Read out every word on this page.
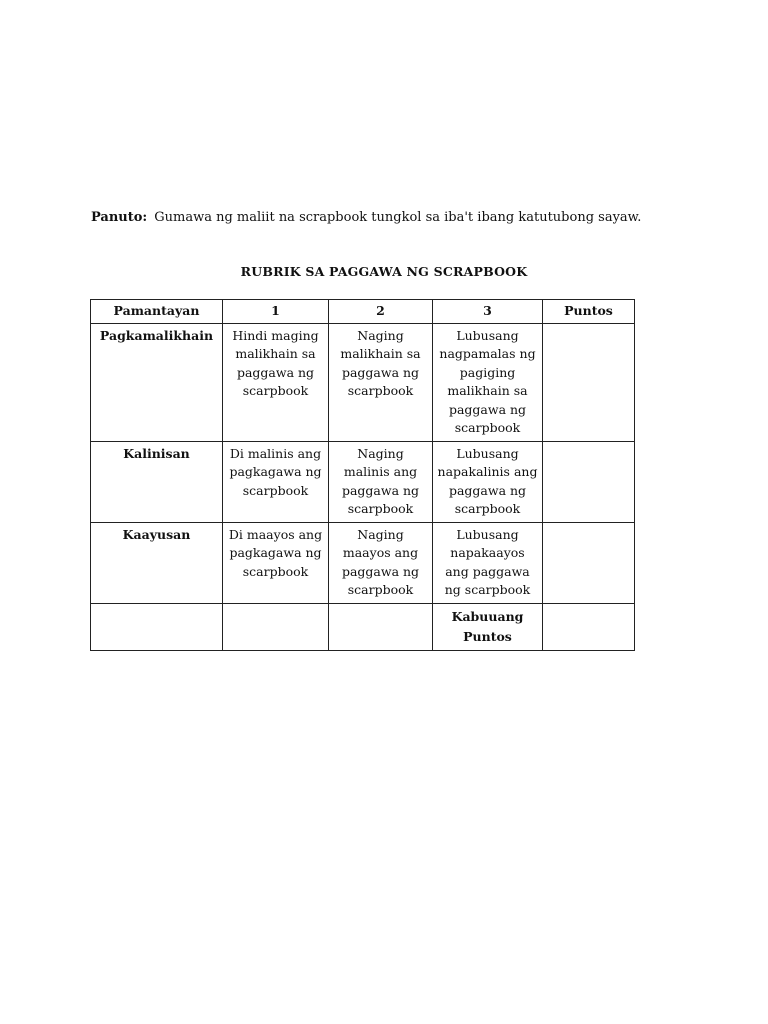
Panuto: Gumawa ng maliit na scrapbook tungkol sa iba't ibang katutubong sayaw.

RUBRIK SA PAGGAWA NG SCRAPBOOK
Pamantayan	1	2	3	Puntos
Pagkamalikhain	Hindi maging malikhain sa paggawa ng scarpbook	Naging malikhain sa paggawa ng scarpbook	Lubusang nagpamalas ng pagiging malikhain sa paggawa ng scarpbook	
Kalinisan	Di malinis ang pagkagawa ng scarpbook	Naging malinis ang paggawa ng scarpbook	Lubusang napakalinis ang paggawa ng scarpbook	
Kaayusan	Di maayos ang pagkagawa ng scarpbook	Naging maayos ang paggawa ng scarpbook	Lubusang napakaayos ang paggawa ng scarpbook	
			Kabuuang Puntos	
